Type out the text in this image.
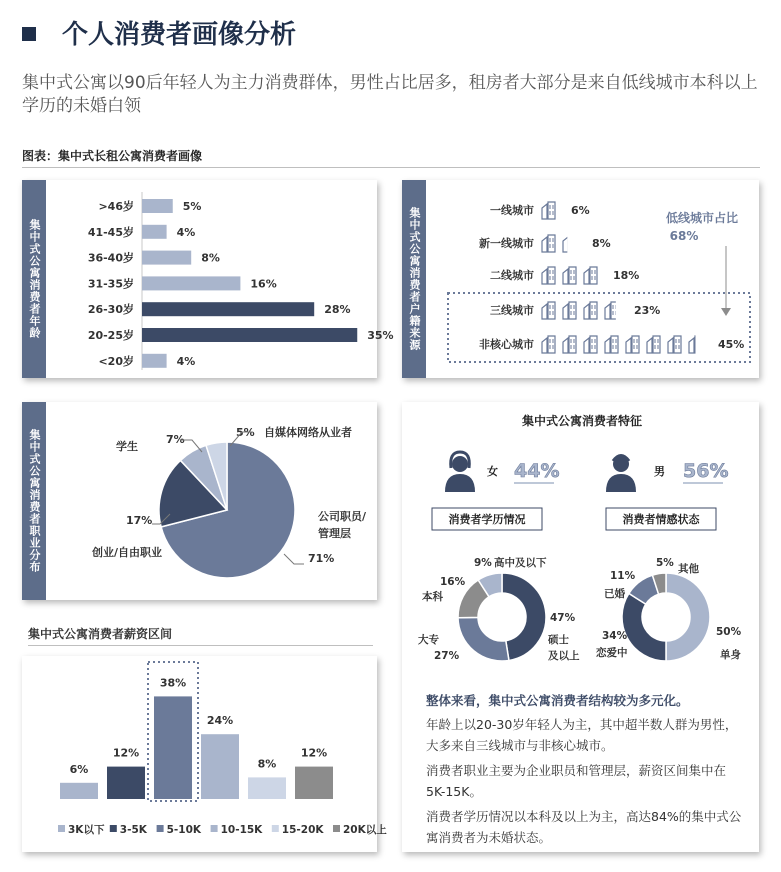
个人消费者画像分析
集中式公寓以90后年轻人为主力消费群体，男性占比居多，租房者大部分是来自低线城市本科以上学历的未婚白领
图表：集中式长租公寓消费者画像
集中式公寓消费者年龄
>46岁	5%
41-45岁	4%
36-40岁	8%
31-35岁	16%
26-30岁	28%
20-25岁	35%
<20岁	4%
集中式公寓消费者户籍来源	一线城市	6%
新一线城市	8%
二线城市	18%
三线城市	23%
非核心城市	45%
低线城市占比
68%
集中式公寓消费者职业分布	公司职员/
管理层
71%
17%
创业/自由职业
7%
学生
5% 自媒体网络从业者
集中式公寓消费者薪资区间
6%
12%
38%
24%
8%
12%
3K以下 3-5K 5-10K 10-15K 15-20K 20K以上
集中式公寓消费者特征
女 44%	男 56%
消费者学历情况	消费者情感状态
9% 高中及以下
16%
本科
47%
硕士
及以上
大专
27%
5% 其他
11%
已婚
50%
单身
34%
恋爱中
整体来看，集中式公寓消费者结构较为多元化。
年龄上以20-30岁年轻人为主，其中超半数人群为男性，大多来自三线城市与非核心城市。
消费者职业主要为企业职员和管理层，薪资区间集中在5K-15K。
消费者学历情况以本科及以上为主，高达84%的集中式公寓消费者为未婚状态。
